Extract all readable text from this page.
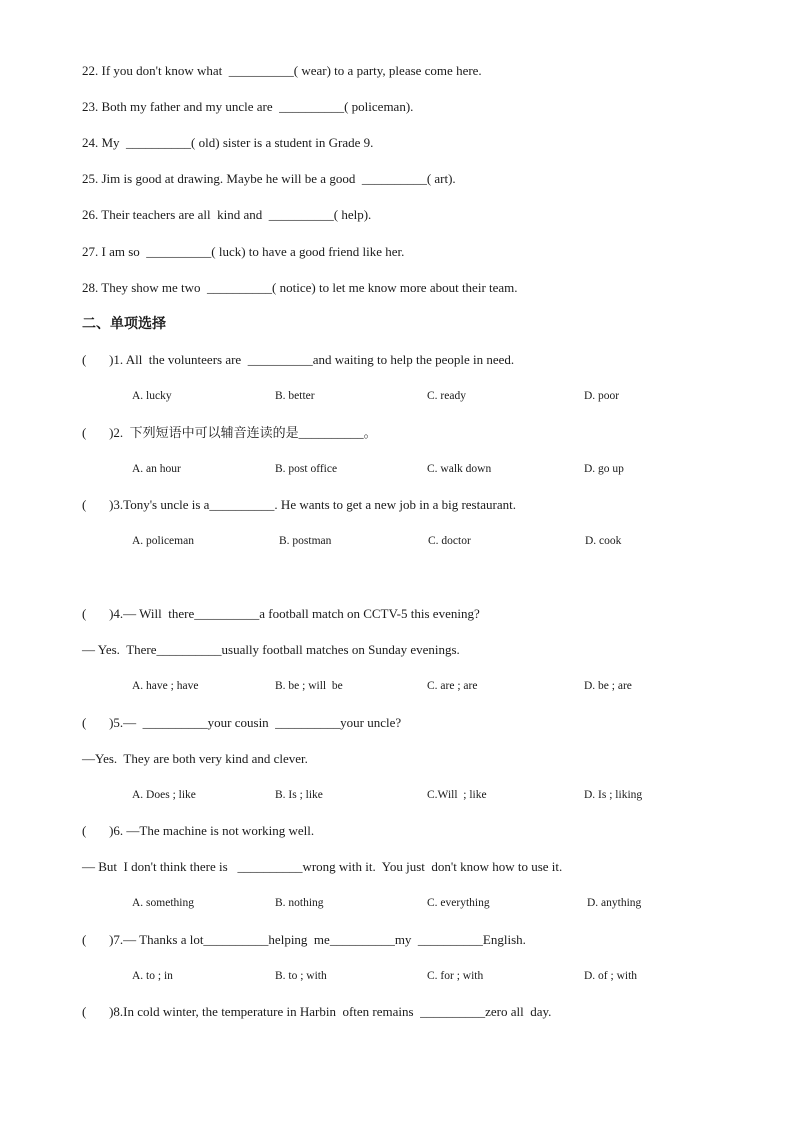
22. If you don't know what  __________( wear) to a party, please come here.
23. Both my father and my uncle are  __________( policeman).
24. My  __________( old) sister is a student in Grade 9.
25. Jim is good at drawing. Maybe he will be a good  __________( art).
26. Their teachers are all  kind and  __________( help).
27. I am so  __________( luck) to have a good friend like her.
28. They show me two  __________( notice) to let me know more about their team.
二、单项选择
(       )1. All  the volunteers are  __________and waiting to help the people in need.
A. lucky	B. better	C. ready	D. poor
(       )2.  下列短语中可以辅音连读的是__________。
A. an hour	B. post office	C. walk down	D. go up
(       )3.Tony's uncle is a__________. He wants to get a new job in a big restaurant.
A. policeman	B. postman	C. doctor	D. cook
(       )4.— Will  there__________a football match on CCTV-5 this evening?
— Yes.  There__________usually football matches on Sunday evenings.
A. have ; have	B. be ; will  be	C. are ; are	D. be ; are
(       )5.—  __________your cousin  __________your uncle?
—Yes.  They are both very kind and clever.
A. Does ; like	B. Is ; like	C.Will  ; like	D. Is ; liking
(       )6. —The machine is not working well.
— But  I don't think there is   __________wrong with it.  You just  don't know how to use it.
A. something	B. nothing	C. everything	D. anything
(       )7.— Thanks a lot__________helping  me__________my  __________English.
A. to ; in	B. to ; with	C. for ; with	D. of ; with
(       )8.In cold winter, the temperature in Harbin  often remains  __________zero all  day.
